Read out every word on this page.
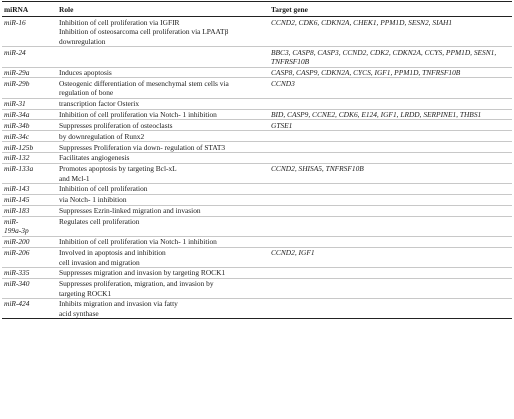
miRNA	Role	Target gene
miR-16	Inhibition of cell proliferation via IGFIR	CCND2, CDK6, CDKN2A, CHEK1, PPM1D, SESN2, SIAH1

	Inhibition of osteosarcoma cell proliferation via LPAATβ
downregulation	

miR-24		BBC3, CASP8, CASP3, CCND2, CDK2, CDKN2A, CCYS, PPM1D, SESN1, TNFRSF10B
miR-29a	Induces apoptosis	CASP8, CASP9, CDKN2A, CYCS, IGF1, PPM1D, TNFRSF10B
miR-29b	Osteogenic differentiation of mesenchymal stem cells via
regulation of bone	CCND3
miR-31	transcription factor Osterix	

miR-34a	Inhibition of cell proliferation via Notch- 1 inhibition	BID, CASP9, CCNE2, CDK6, E124, IGF1, LRDD, SERPINE1, THBS1
miR-34b	Suppresses proliferation of osteoclasts	GTSE1
miR-34c	by downregulation of Runx2	

miR-125b	Suppresses Proliferation via down- regulation of STAT3	

miR-132	Facilitates angiogenesis	

miR-133a	Promotes apoptosis by targeting Bcl-xL
and Mcl-1	CCND2, SHISA5, TNFRSF10B
miR-143	Inhibition of cell proliferation	

miR-145	via Notch- 1 inhibition	

miR-183	Suppresses Ezrin-linked migration and invasion	

miR-
199a-3p	Regulates cell proliferation	

miR-200	Inhibition of cell proliferation via Notch- 1 inhibition	

miR-206	Involved in apoptosis and inhibition
cell invasion and migration	CCND2, IGF1
miR-335	Suppresses migration and invasion by targeting ROCK1	

miR-340	Suppresses proliferation, migration, and invasion by
targeting ROCK1	

miR-424	Inhibits migration and invasion via fatty
acid synthase	
